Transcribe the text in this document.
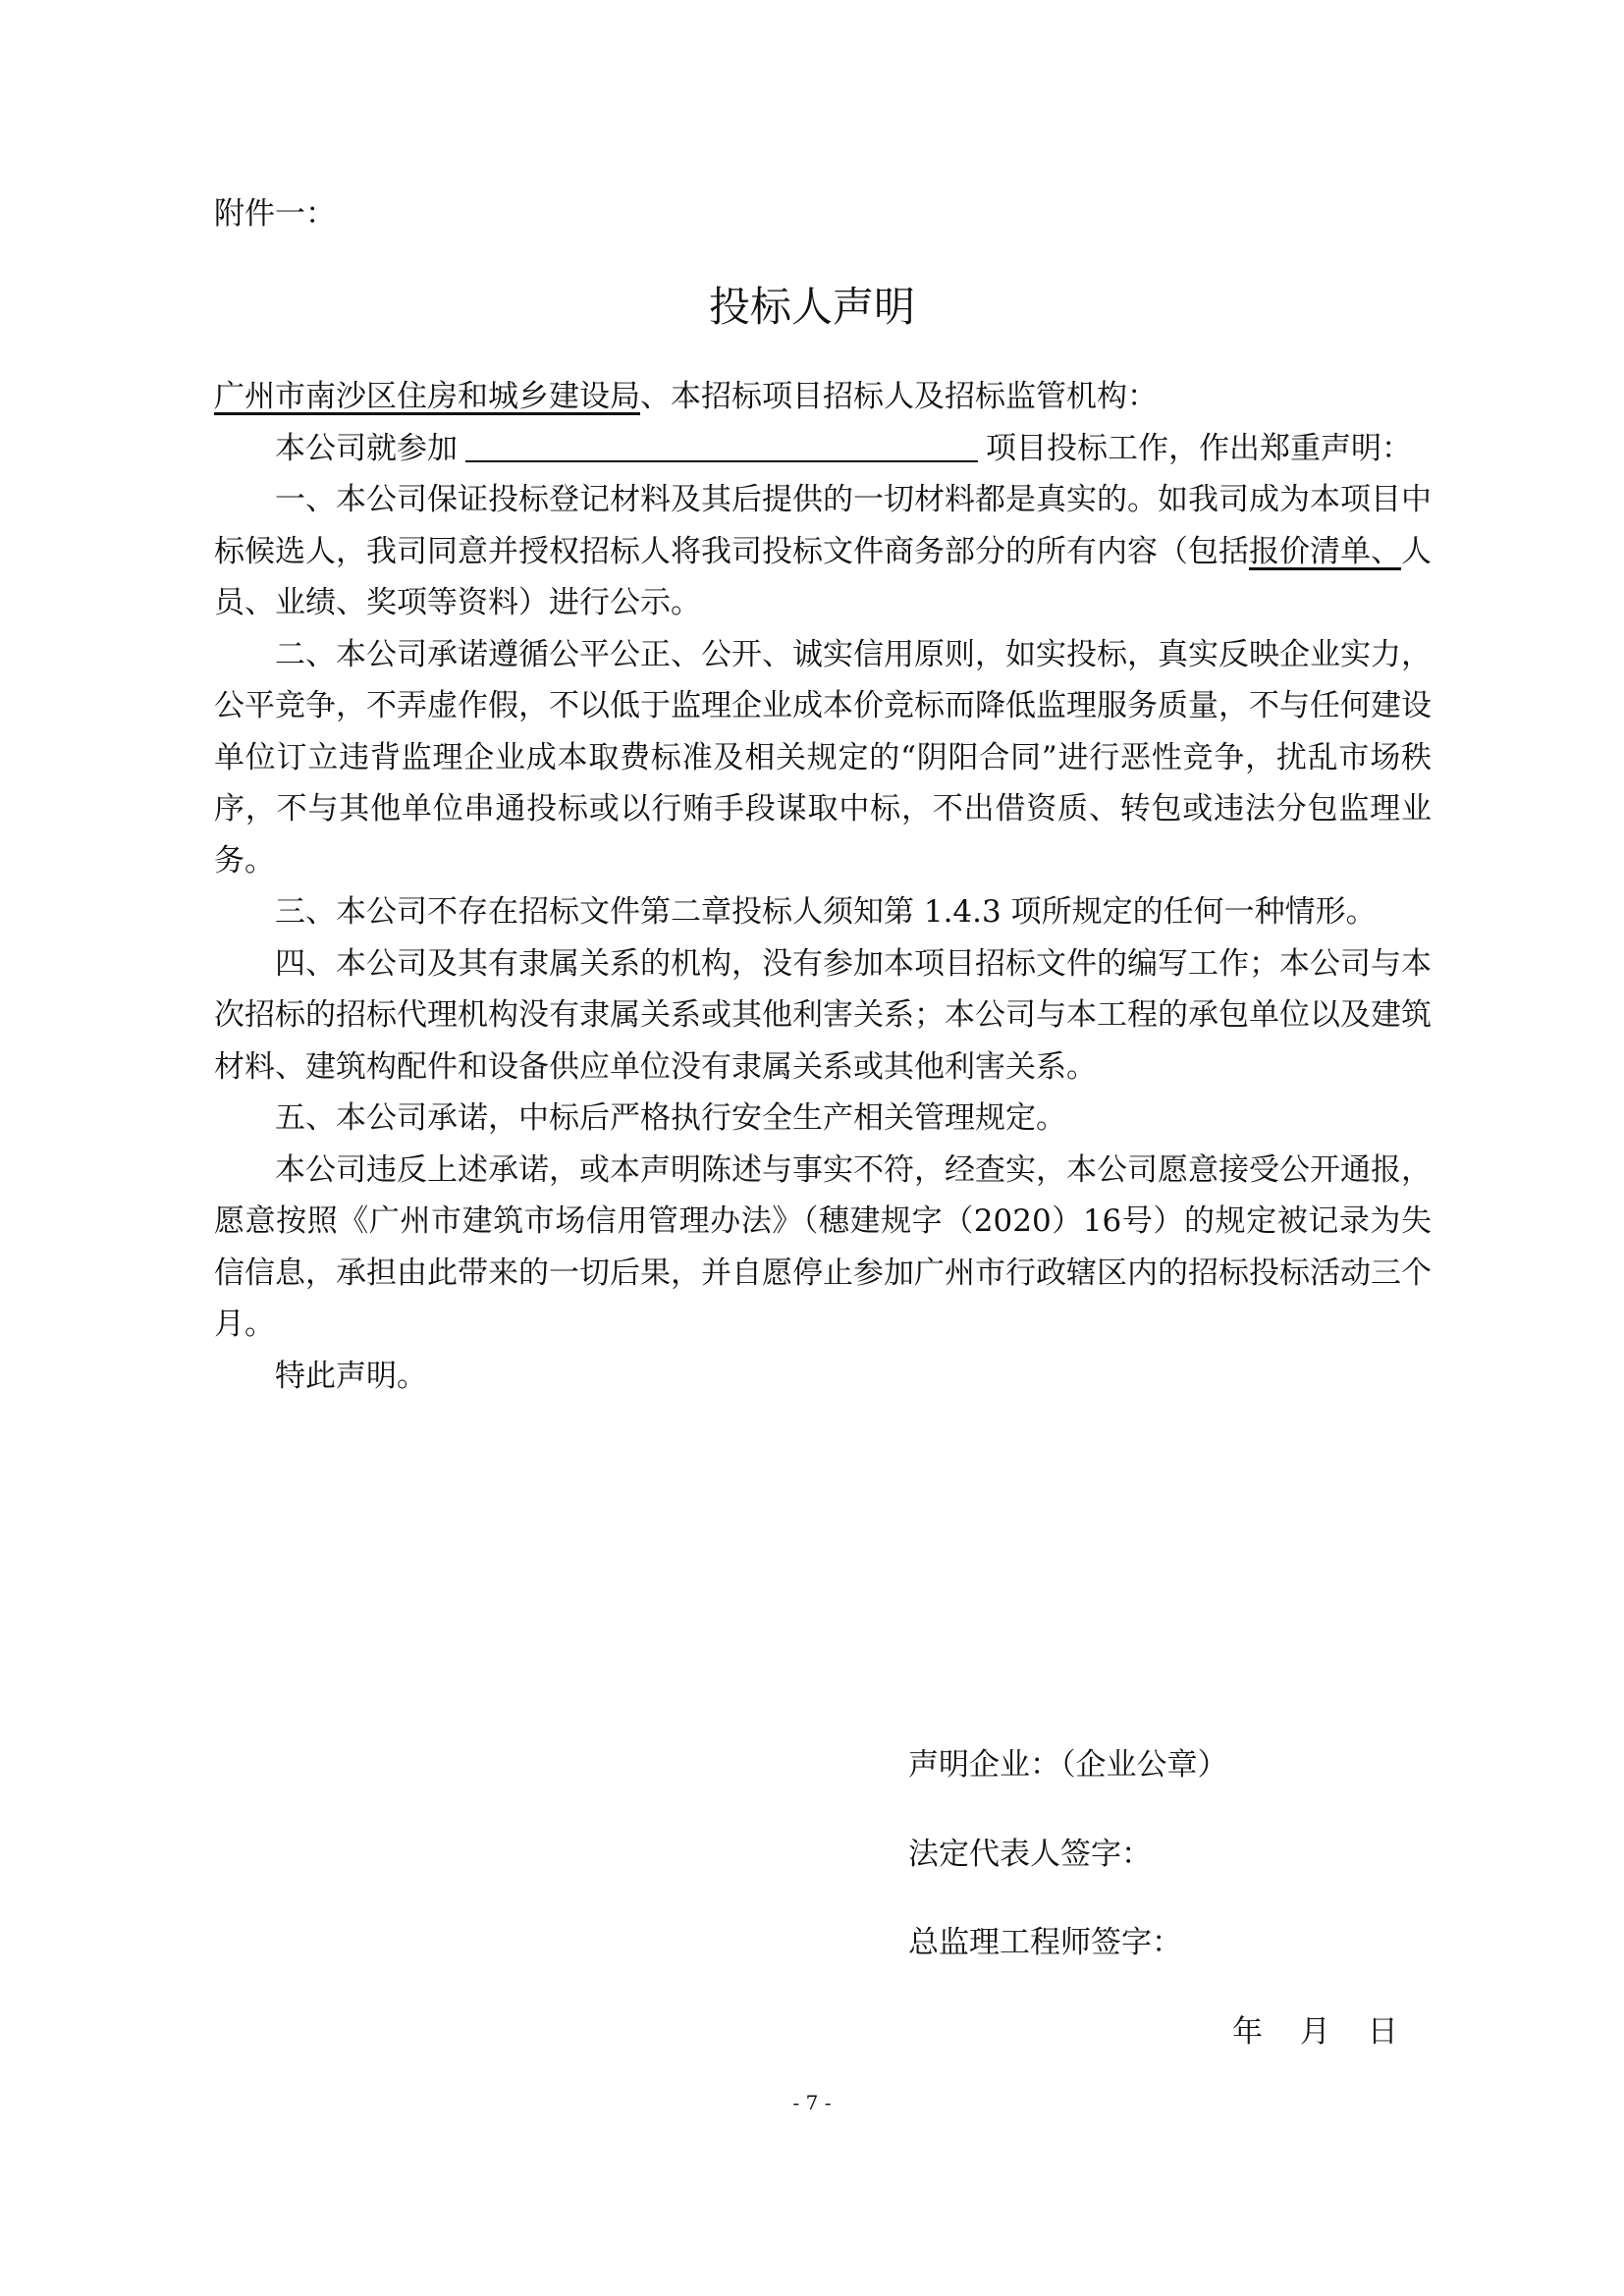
附件一：
投标人声明

广州市南沙区住房和城乡建设局、本招标项目招标人及招标监管机构：

本公司就参加	项目投标工作，作出郑重声明：

一、本公司保证投标登记材料及其后提供的一切材料都是真实的。如我司成为本项目中标候选人，我司同意并授权招标人将我司投标文件商务部分的所有内容（包括报价清单、人员、业绩、奖项等资料）进行公示。

二、本公司承诺遵循公平公正、公开、诚实信用原则，如实投标，真实反映企业实力，公平竞争，不弄虚作假，不以低于监理企业成本价竞标而降低监理服务质量，不与任何建设单位订立违背监理企业成本取费标准及相关规定的“阴阳合同”进行恶性竞争，扰乱市场秩序，不与其他单位串通投标或以行贿手段谋取中标，不出借资质、转包或违法分包监理业务。

三、本公司不存在招标文件第二章投标人须知第 1.4.3 项所规定的任何一种情形。

四、本公司及其有隶属关系的机构，没有参加本项目招标文件的编写工作；本公司与本次招标的招标代理机构没有隶属关系或其他利害关系；本公司与本工程的承包单位以及建筑材料、建筑构配件和设备供应单位没有隶属关系或其他利害关系。

五、本公司承诺，中标后严格执行安全生产相关管理规定。

本公司违反上述承诺，或本声明陈述与事实不符，经查实，本公司愿意接受公开通报，愿意按照《广州市建筑市场信用管理办法》（穗建规字（2020）16号）的规定被记录为失信信息，承担由此带来的一切后果，并自愿停止参加广州市行政辖区内的招标投标活动三个月。

特此声明。

声明企业：（企业公章）
法定代表人签字：
总监理工程师签字：
年 月 日
- 7 -
